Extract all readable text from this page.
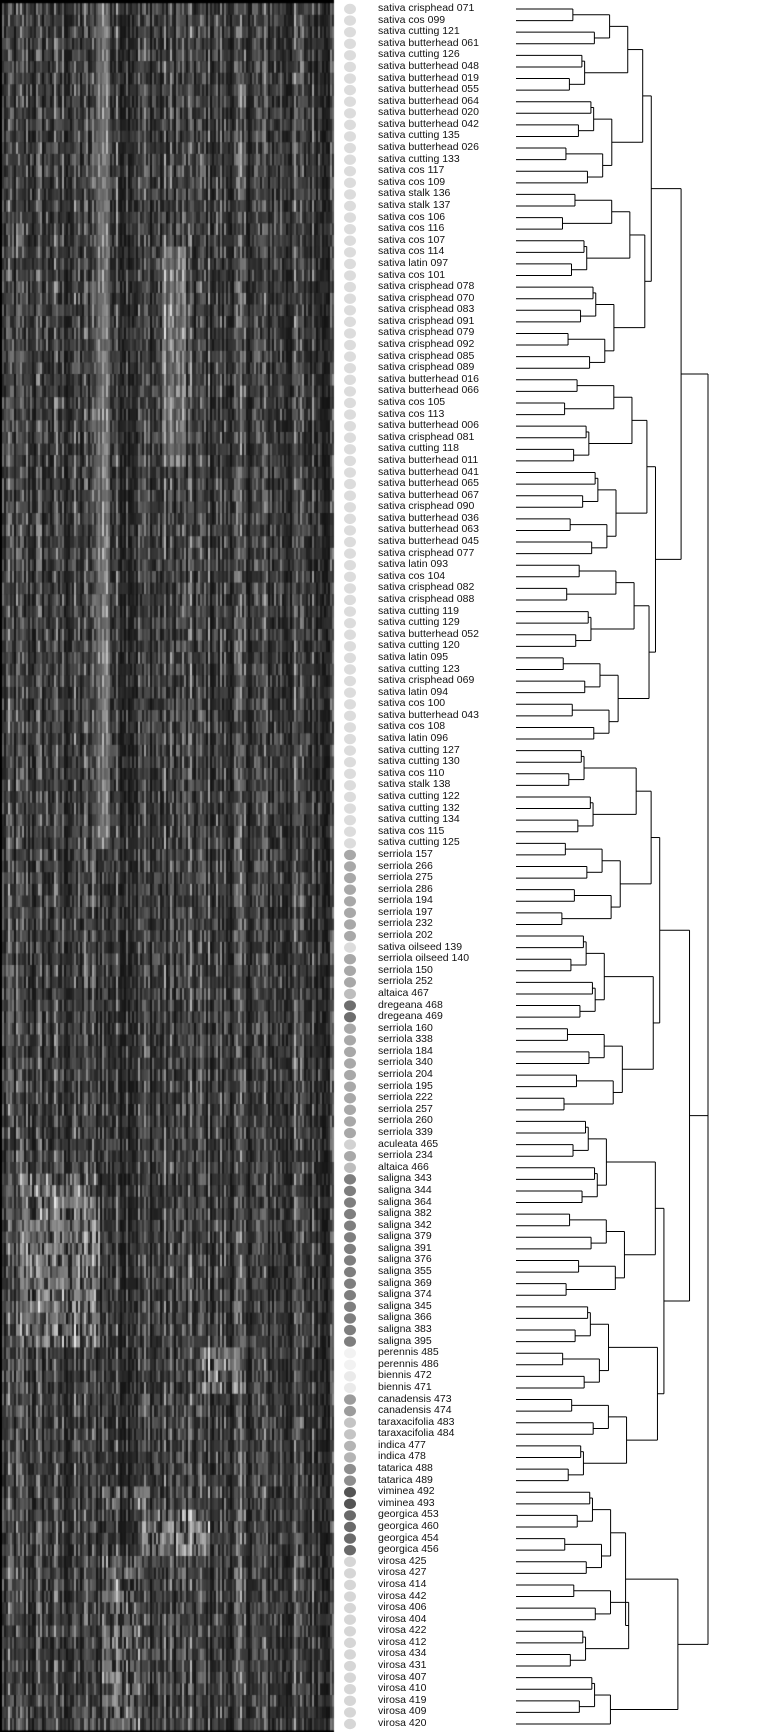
sativa crisphead 071
sativa cos 099
sativa cutting 121
sativa butterhead 061
sativa cutting 126
sativa butterhead 048
sativa butterhead 019
sativa butterhead 055
sativa butterhead 064
sativa butterhead 020
sativa butterhead 042
sativa cutting 135
sativa butterhead 026
sativa cutting 133
sativa cos 117
sativa cos 109
sativa stalk 136
sativa stalk 137
sativa cos 106
sativa cos 116
sativa cos 107
sativa cos 114
sativa latin 097
sativa cos 101
sativa crisphead 078
sativa crisphead 070
sativa crisphead 083
sativa crisphead 091
sativa crisphead 079
sativa crisphead 092
sativa crisphead 085
sativa crisphead 089
sativa butterhead 016
sativa butterhead 066
sativa cos 105
sativa cos 113
sativa butterhead 006
sativa crisphead 081
sativa cutting 118
sativa butterhead 011
sativa butterhead 041
sativa butterhead 065
sativa butterhead 067
sativa crisphead 090
sativa butterhead 036
sativa butterhead 063
sativa butterhead 045
sativa crisphead 077
sativa latin 093
sativa cos 104
sativa crisphead 082
sativa crisphead 088
sativa cutting 119
sativa cutting 129
sativa butterhead 052
sativa cutting 120
sativa latin 095
sativa cutting 123
sativa crisphead 069
sativa latin 094
sativa cos 100
sativa butterhead 043
sativa cos 108
sativa latin 096
sativa cutting 127
sativa cutting 130
sativa cos 110
sativa stalk 138
sativa cutting 122
sativa cutting 132
sativa cutting 134
sativa cos 115
sativa cutting 125
serriola 157
serriola 266
serriola 275
serriola 286
serriola 194
serriola 197
serriola 232
serriola 202
sativa oilseed 139
serriola oilseed 140
serriola 150
serriola 252
altaica 467
dregeana 468
dregeana 469
serriola 160
serriola 338
serriola 184
serriola 340
serriola 204
serriola 195
serriola 222
serriola 257
serriola 260
serriola 339
aculeata 465
serriola 234
altaica 466
saligna 343
saligna 344
saligna 364
saligna 382
saligna 342
saligna 379
saligna 391
saligna 376
saligna 355
saligna 369
saligna 374
saligna 345
saligna 366
saligna 383
saligna 395
perennis 485
perennis 486
biennis 472
biennis 471
canadensis 473
canadensis 474
taraxacifolia 483
taraxacifolia 484
indica 477
indica 478
tatarica 488
tatarica 489
viminea 492
viminea 493
georgica 453
georgica 460
georgica 454
georgica 456
virosa 425
virosa 427
virosa 414
virosa 442
virosa 406
virosa 404
virosa 422
virosa 412
virosa 434
virosa 431
virosa 407
virosa 410
virosa 419
virosa 409
virosa 420
